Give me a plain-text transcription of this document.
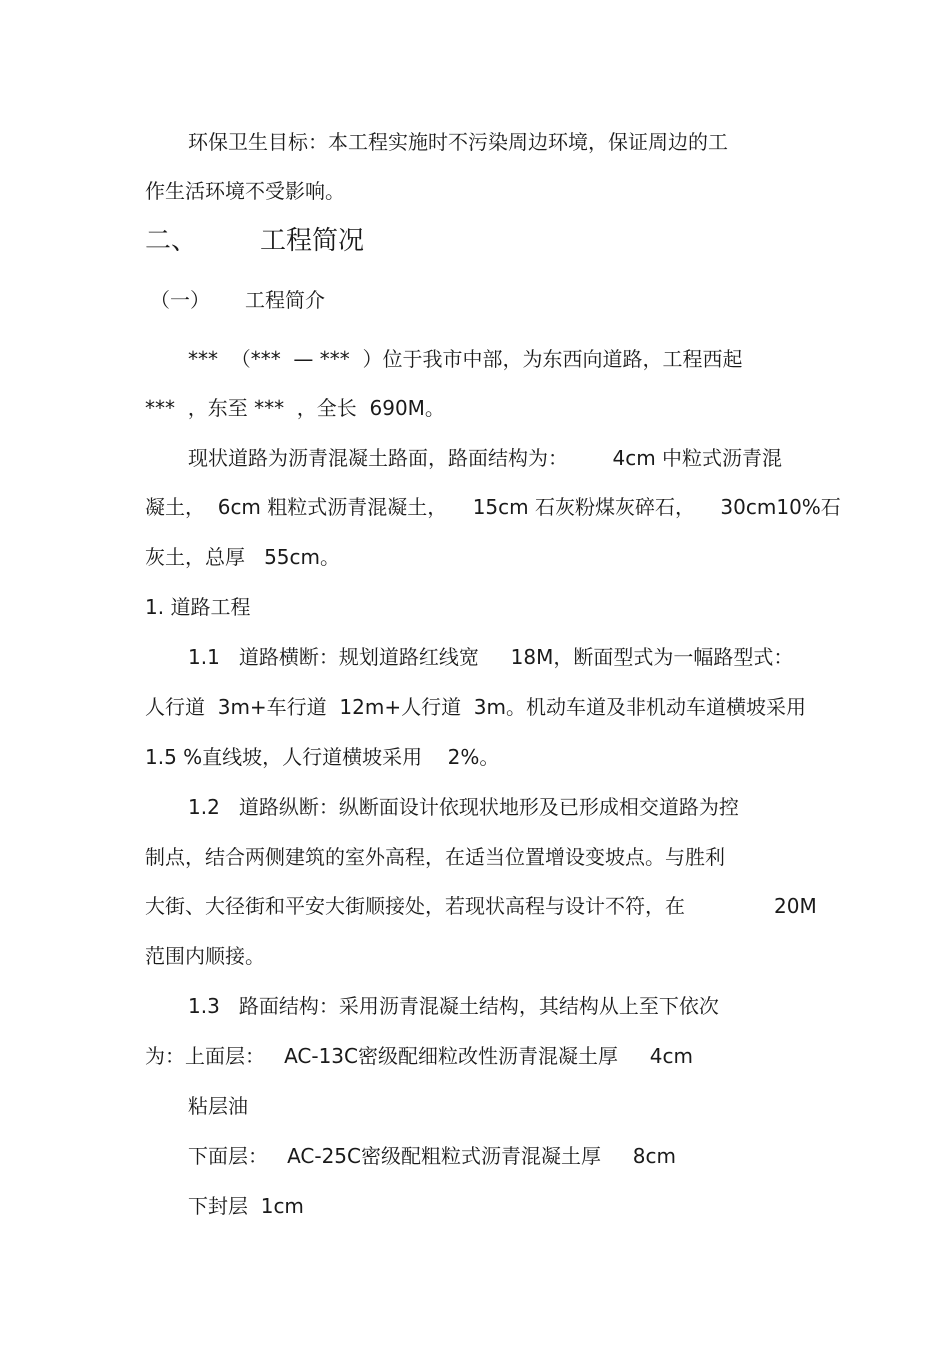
环保卫生目标：本工程实施时不污染周边环境，保证周边的工
作生活环境不受影响。
二、 工程简况
（一） 工程简介
***  （***  — ***  ）位于我市中部，为东西向道路，工程西起
***  ，东至 ***  ，全长  690M。
现状道路为沥青混凝土路面，路面结构为：       4cm 中粒式沥青混
凝土，  6cm 粗粒式沥青混凝土，    15cm 石灰粉煤灰碎石，    30cm10%石
灰土，总厚   55cm。
1. 道路工程
1.1   道路横断：规划道路红线宽     18M，断面型式为一幅路型式：
人行道  3m+车行道  12m+人行道  3m。机动车道及非机动车道横坡采用
1.5 %直线坡，人行道横坡采用    2%。
1.2   道路纵断：纵断面设计依现状地形及已形成相交道路为控
制点，结合两侧建筑的室外高程，在适当位置增设变坡点。与胜利
大街、大径街和平安大街顺接处，若现状高程与设计不符，在	20M
范围内顺接。
1.3   路面结构：采用沥青混凝土结构，其结构从上至下依次
为：上面层：   AC-13C密级配细粒改性沥青混凝土厚     4cm
粘层油
下面层：   AC-25C密级配粗粒式沥青混凝土厚     8cm
下封层  1cm
